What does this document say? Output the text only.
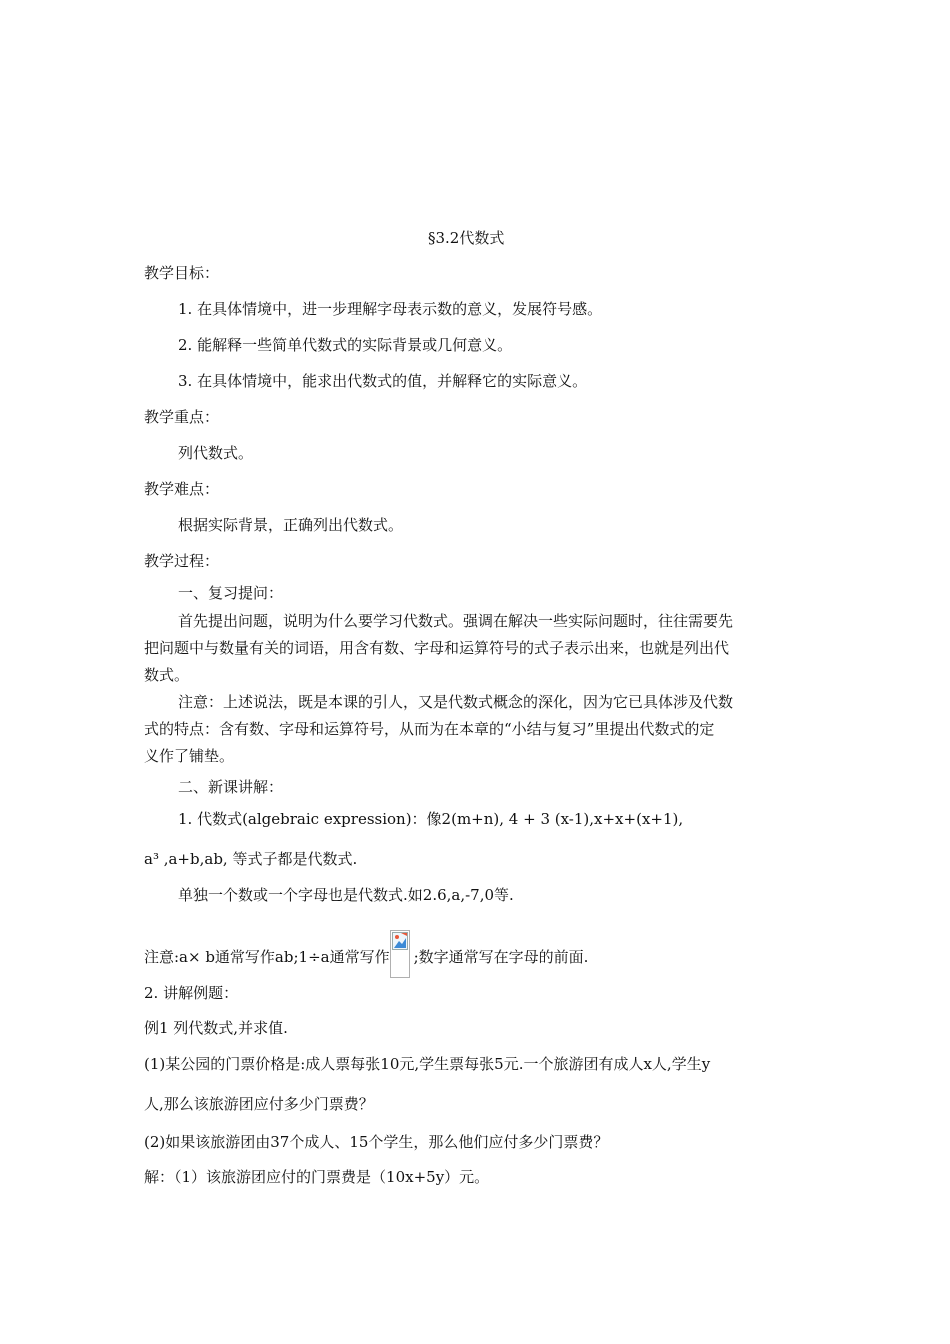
§3.2代数式
教学目标：
1. 在具体情境中，进一步理解字母表示数的意义，发展符号感。
2. 能解释一些简单代数式的实际背景或几何意义。
3. 在具体情境中，能求出代数式的值，并解释它的实际意义。
教学重点：
列代数式。
教学难点：
根据实际背景，正确列出代数式。
教学过程：
一、复习提问：
首先提出问题，说明为什么要学习代数式。强调在解决一些实际问题时，往往需要先
把问题中与数量有关的词语，用含有数、字母和运算符号的式子表示出来，也就是列出代
数式。
注意：上述说法，既是本课的引人，又是代数式概念的深化，因为它已具体涉及代数
式的特点：含有数、字母和运算符号，从而为在本章的“小结与复习”里提出代数式的定
义作了铺垫。
二、新课讲解：
1. 代数式(algebraic expression)：像2(m+n), 4 + 3 (x-1),x+x+(x+1),
a³ ,a+b,ab, 等式子都是代数式.
单独一个数或一个字母也是代数式.如2.6,a,-7,0等.
注意:a× b通常写作ab;1÷a通常写作 ;数字通常写在字母的前面.
2. 讲解例题：
例1 列代数式,并求值.
(1)某公园的门票价格是:成人票每张10元,学生票每张5元.一个旅游团有成人x人,学生y
人,那么该旅游团应付多少门票费？
(2)如果该旅游团由37个成人、15个学生，那么他们应付多少门票费？
解：（1）该旅游团应付的门票费是（10x+5y）元。
